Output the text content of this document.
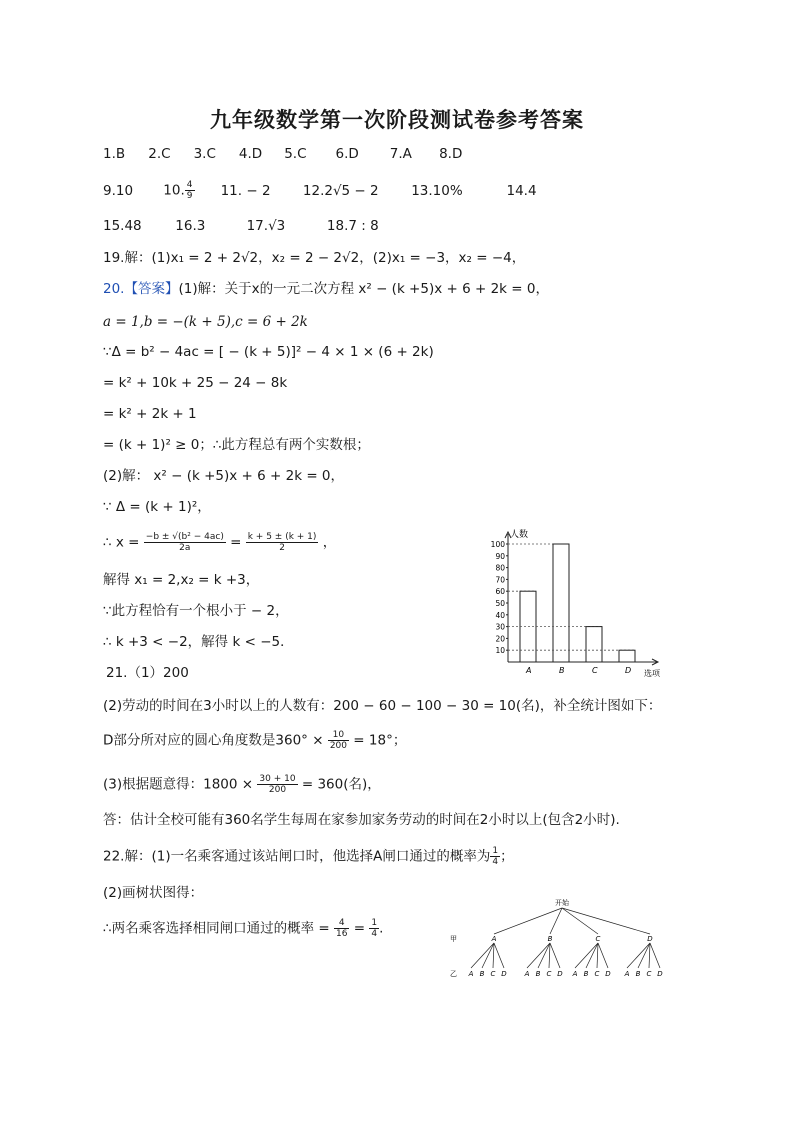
九年级数学第一次阶段测试卷参考答案
1.B 2.C 3.C 4.D 5.C 6.D 7.A 8.D
9.10 10. $\frac{4}{9} 11$. − 2 12.2√5 − 2 13.10%	14.4
15.48 16.3	17.√3	18.7 : 8
19.解：(1)x₁ = 2 + 2√2，x₂ = 2 − 2√2，(2)x₁ = −3，x₂ = −4，
20.【答案】(1)解：关于x的一元二次方程 x² − (k +5)x + 6 + 2k = 0，
a = 1,b = −(k + 5),c = 6 + 2k
∵Δ = b² − 4ac = [ − (k + 5)]² − 4 × 1 × (6 + 2k)
= k² + 10k + 25 − 24 − 8k
= k² + 2k + 1
= (k + 1)² ≥ 0；∴此方程总有两个实数根；
(2)解： x² − (k +5)x + 6 + 2k = 0，
∵ Δ = (k + 1)²，
∴ $x = \frac{\text{−b ± √(b² − 4ac)}}{2a} = \frac{k + 5 \pm (k + 1)}{2}$ ，
解得 x₁ = 2,x₂ = k +3，
∵此方程恰有一个根小于 − 2，
∴ k +3 < −2，解得 k < −5．
人数
选项
10
20
30
40
50
60
70
80
90
100
A	B	C	D
21.（1）200
(2)劳动的时间在3小时以上的人数有：200 − 60 − 100 − 30 = 10(名)，补全统计图如下：
D部分所对应的圆心角度数是$360^\circ \times \frac{10}{200} = 18^\circ$；
(3)根据题意得：$1800 \times \frac{30 + 10}{200} = 360$(名)，
答：估计全校可能有360名学生每周在家参加家务劳动的时间在2小时以上(包含2小时).
22.解：(1)一名乘客通过该站闸口时，他选择A闸口通过的概率为 $\frac{1}{4}$ ；
(2)画树状图得：
∴两名乘客选择相同闸口通过的概率 = $\frac{4}{16} = \frac{1}{4}$ .
开始
甲
乙
A
A B C D
B
A B C D
C
A B C D
D
A B C D
